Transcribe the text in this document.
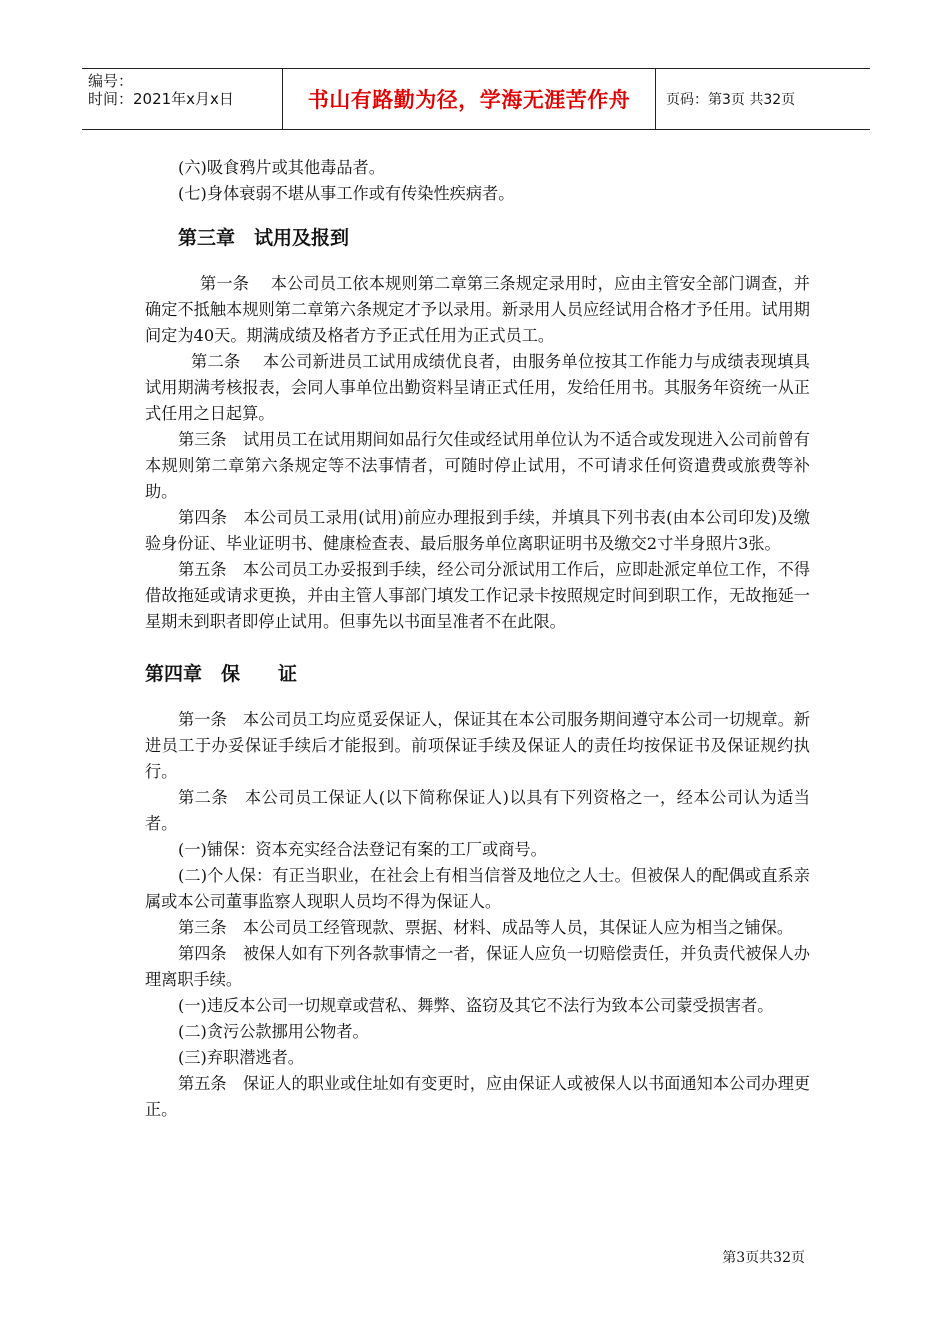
编号：
时间：2021年x月x日	书山有路勤为径，学海无涯苦作舟	页码：第3页 共32页

(六)吸食鸦片或其他毒品者。

(七)身体衰弱不堪从事工作或有传染性疾病者。

第三章　试用及报到

第一条　 本公司员工依本规则第二章第三条规定录用时，应由主管安全部门调查，并确定不抵触本规则第二章第六条规定才予以录用。新录用人员应经试用合格才予任用。试用期间定为40天。期满成绩及格者方予正式任用为正式员工。

第二条　 本公司新进员工试用成绩优良者，由服务单位按其工作能力与成绩表现填具试用期满考核报表，会同人事单位出勤资料呈请正式任用，发给任用书。其服务年资统一从正式任用之日起算。

第三条　试用员工在试用期间如品行欠佳或经试用单位认为不适合或发现进入公司前曾有本规则第二章第六条规定等不法事情者，可随时停止试用，不可请求任何资遣费或旅费等补助。

第四条　本公司员工录用(试用)前应办理报到手续，并填具下列书表(由本公司印发)及缴验身份证、毕业证明书、健康检查表、最后服务单位离职证明书及缴交2寸半身照片3张。

第五条　本公司员工办妥报到手续，经公司分派试用工作后，应即赴派定单位工作，不得借故拖延或请求更换，并由主管人事部门填发工作记录卡按照规定时间到职工作，无故拖延一星期未到职者即停止试用。但事先以书面呈准者不在此限。

第四章　保　　证

第一条　本公司员工均应觅妥保证人，保证其在本公司服务期间遵守本公司一切规章。新进员工于办妥保证手续后才能报到。前项保证手续及保证人的责任均按保证书及保证规约执行。

第二条　本公司员工保证人(以下简称保证人)以具有下列资格之一，经本公司认为适当者。

(一)铺保：资本充实经合法登记有案的工厂或商号。

(二)个人保：有正当职业，在社会上有相当信誉及地位之人士。但被保人的配偶或直系亲属或本公司董事监察人现职人员均不得为保证人。

第三条　本公司员工经管现款、票据、材料、成品等人员，其保证人应为相当之铺保。

第四条　被保人如有下列各款事情之一者，保证人应负一切赔偿责任，并负责代被保人办理离职手续。

(一)违反本公司一切规章或营私、舞弊、盗窃及其它不法行为致本公司蒙受损害者。

(二)贪污公款挪用公物者。

(三)弃职潜逃者。

第五条　保证人的职业或住址如有变更时，应由保证人或被保人以书面通知本公司办理更正。

第3页共32页
